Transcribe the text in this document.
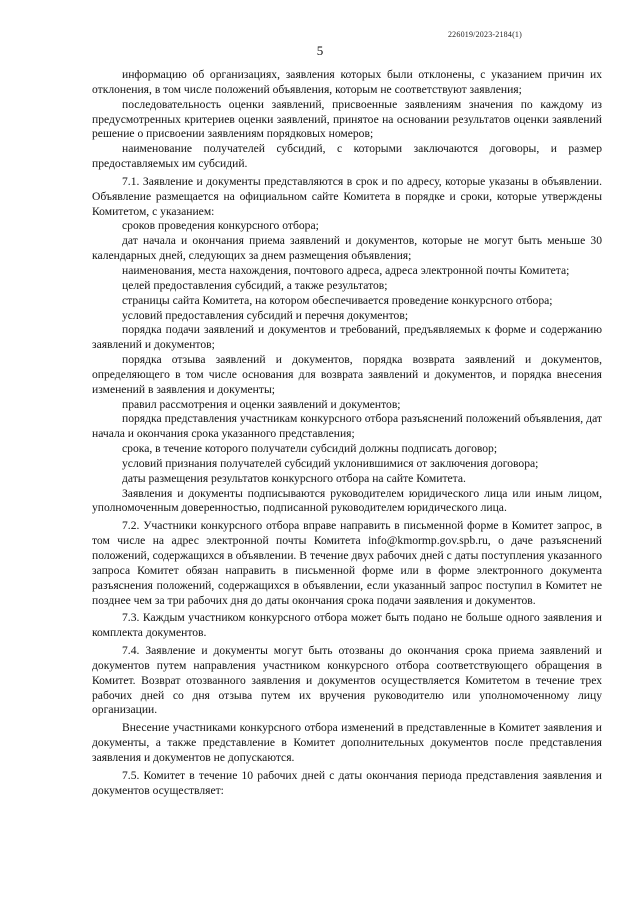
226019/2023-2184(1)
5

информацию об организациях, заявления которых были отклонены, с указанием причин их отклонения, в том числе положений объявления, которым не соответствуют заявления;

последовательность оценки заявлений, присвоенные заявлениям значения по каждому из предусмотренных критериев оценки заявлений, принятое на основании результатов оценки заявлений решение о присвоении заявлениям порядковых номеров;

наименование получателей субсидий, с которыми заключаются договоры, и размер предоставляемых им субсидий.

7.1. Заявление и документы представляются в срок и по адресу, которые указаны в объявлении. Объявление размещается на официальном сайте Комитета в порядке и сроки, которые утверждены Комитетом, с указанием:

сроков проведения конкурсного отбора;

дат начала и окончания приема заявлений и документов, которые не могут быть меньше 30 календарных дней, следующих за днем размещения объявления;

наименования, места нахождения, почтового адреса, адреса электронной почты Комитета;

целей предоставления субсидий, а также результатов;

страницы сайта Комитета, на котором обеспечивается проведение конкурсного отбора;

условий предоставления субсидий и перечня документов;

порядка подачи заявлений и документов и требований, предъявляемых к форме и содержанию заявлений и документов;

порядка отзыва заявлений и документов, порядка возврата заявлений и документов, определяющего в том числе основания для возврата заявлений и документов, и порядка внесения изменений в заявления и документы;

правил рассмотрения и оценки заявлений и документов;

порядка представления участникам конкурсного отбора разъяснений положений объявления, дат начала и окончания срока указанного представления;

срока, в течение которого получатели субсидий должны подписать договор;

условий признания получателей субсидий уклонившимися от заключения договора;

даты размещения результатов конкурсного отбора на сайте Комитета.

Заявления и документы подписываются руководителем юридического лица или иным лицом, уполномоченным доверенностью, подписанной руководителем юридического лица.

7.2. Участники конкурсного отбора вправе направить в письменной форме в Комитет запрос, в том числе на адрес электронной почты Комитета info@kmormp.gov.spb.ru, о даче разъяснений положений, содержащихся в объявлении. В течение двух рабочих дней с даты поступления указанного запроса Комитет обязан направить в письменной форме или в форме электронного документа разъяснения положений, содержащихся в объявлении, если указанный запрос поступил в Комитет не позднее чем за три рабочих дня до даты окончания срока подачи заявления и документов.

7.3. Каждым участником конкурсного отбора может быть подано не больше одного заявления и комплекта документов.

7.4. Заявление и документы могут быть отозваны до окончания срока приема заявлений и документов путем направления участником конкурсного отбора соответствующего обращения в Комитет. Возврат отозванного заявления и документов осуществляется Комитетом в течение трех рабочих дней со дня отзыва путем их вручения руководителю или уполномоченному лицу организации.

Внесение участниками конкурсного отбора изменений в представленные в Комитет заявления и документы, а также представление в Комитет дополнительных документов после представления заявления и документов не допускаются.

7.5. Комитет в течение 10 рабочих дней с даты окончания периода представления заявления и документов осуществляет:
